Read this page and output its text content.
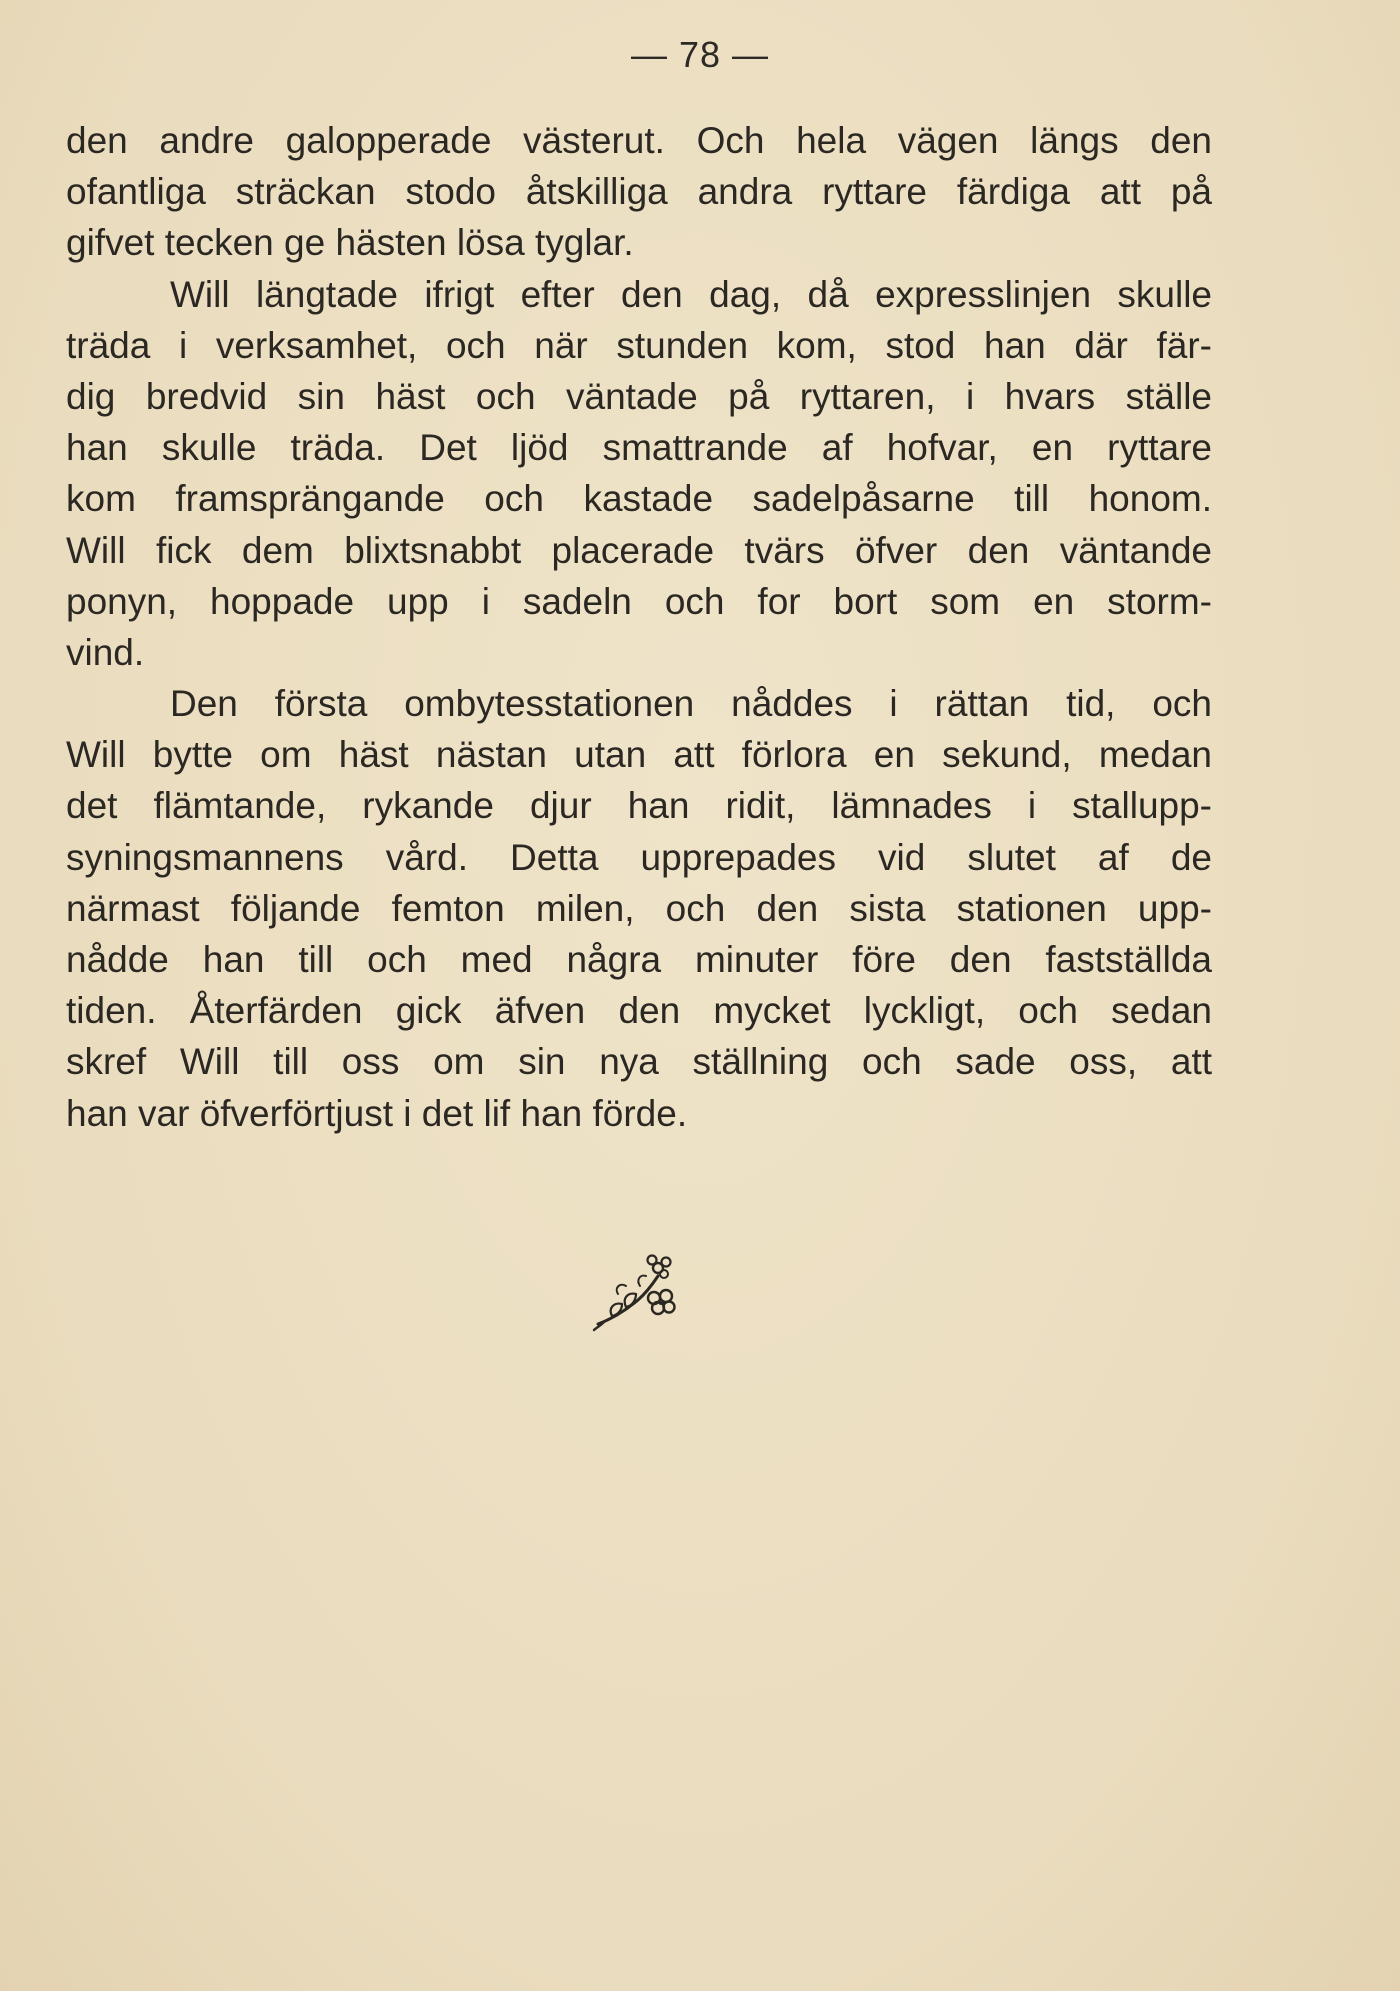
— 78 —
den andre galopperade västerut. Och hela vägen längs den
ofantliga sträckan stodo åtskilliga andra ryttare färdiga att på
gifvet tecken ge hästen lösa tyglar.
Will längtade ifrigt efter den dag, då expresslinjen skulle
träda i verksamhet, och när stunden kom, stod han där fär-
dig bredvid sin häst och väntade på ryttaren, i hvars ställe
han skulle träda. Det ljöd smattrande af hofvar, en ryttare
kom framsprängande och kastade sadelpåsarne till honom.
Will fick dem blixtsnabbt placerade tvärs öfver den väntande
ponyn, hoppade upp i sadeln och for bort som en storm-
vind.
Den första ombytesstationen nåddes i rättan tid, och
Will bytte om häst nästan utan att förlora en sekund, medan
det flämtande, rykande djur han ridit, lämnades i stallupp-
syningsmannens vård. Detta upprepades vid slutet af de
närmast följande femton milen, och den sista stationen upp-
nådde han till och med några minuter före den fastställda
tiden. Återfärden gick äfven den mycket lyckligt, och sedan
skref Will till oss om sin nya ställning och sade oss, att
han var öfverförtjust i det lif han förde.
